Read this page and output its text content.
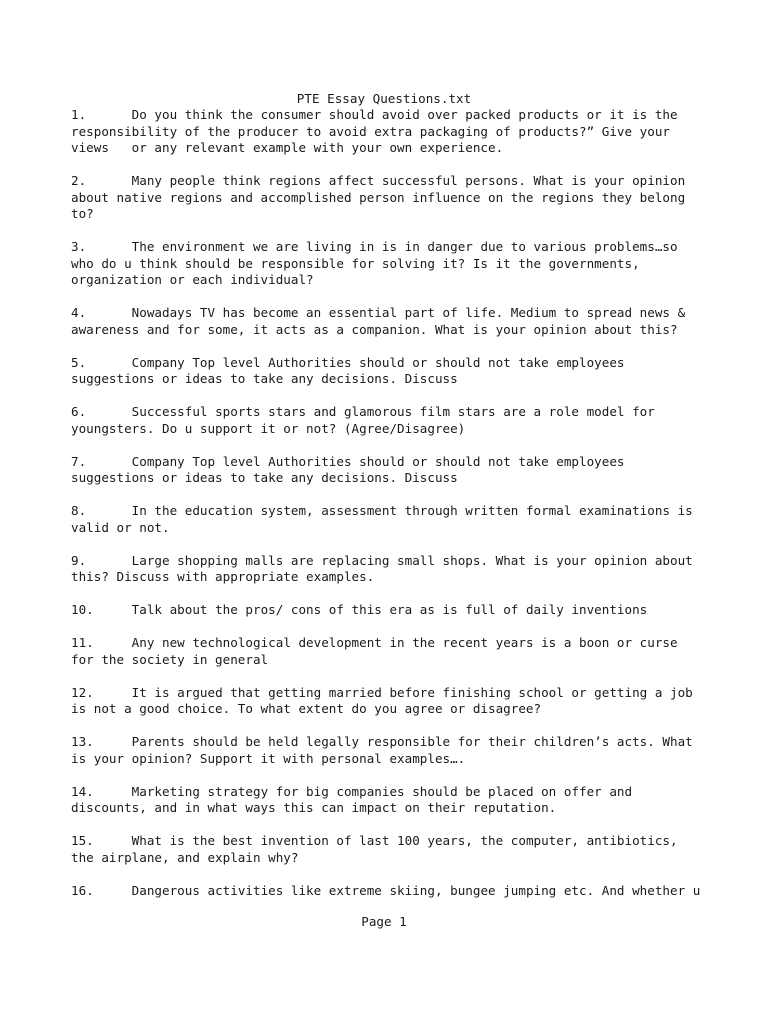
PTE Essay Questions.txt
1.	Do you think the consumer should avoid over packed products or it is the responsibility of the producer to avoid extra packaging of products?” Give your views   or any relevant example with your own experience.
2.	Many people think regions affect successful persons. What is your opinion about native regions and accomplished person influence on the regions they belong to?
3.	The environment we are living in is in danger due to various problems…so who do u think should be responsible for solving it? Is it the governments, organization or each individual?
4.	Nowadays TV has become an essential part of life. Medium to spread news & awareness and for some, it acts as a companion. What is your opinion about this?
5.	Company Top level Authorities should or should not take employees suggestions or ideas to take any decisions. Discuss
6.	Successful sports stars and glamorous film stars are a role model for youngsters. Do u support it or not? (Agree/Disagree)
7.	Company Top level Authorities should or should not take employees suggestions or ideas to take any decisions. Discuss
8.	In the education system, assessment through written formal examinations is valid or not.
9.	Large shopping malls are replacing small shops. What is your opinion about this? Discuss with appropriate examples.
10.	Talk about the pros/ cons of this era as is full of daily inventions
11.	Any new technological development in the recent years is a boon or curse for the society in general
12.	It is argued that getting married before finishing school or getting a job is not a good choice. To what extent do you agree or disagree?
13.	Parents should be held legally responsible for their children’s acts. What is your opinion? Support it with personal examples….
14.	Marketing strategy for big companies should be placed on offer and discounts, and in what ways this can impact on their reputation.
15.	What is the best invention of last 100 years, the computer, antibiotics, the airplane, and explain why?
16.	Dangerous activities like extreme skiing, bungee jumping etc. And whether u
Page 1
